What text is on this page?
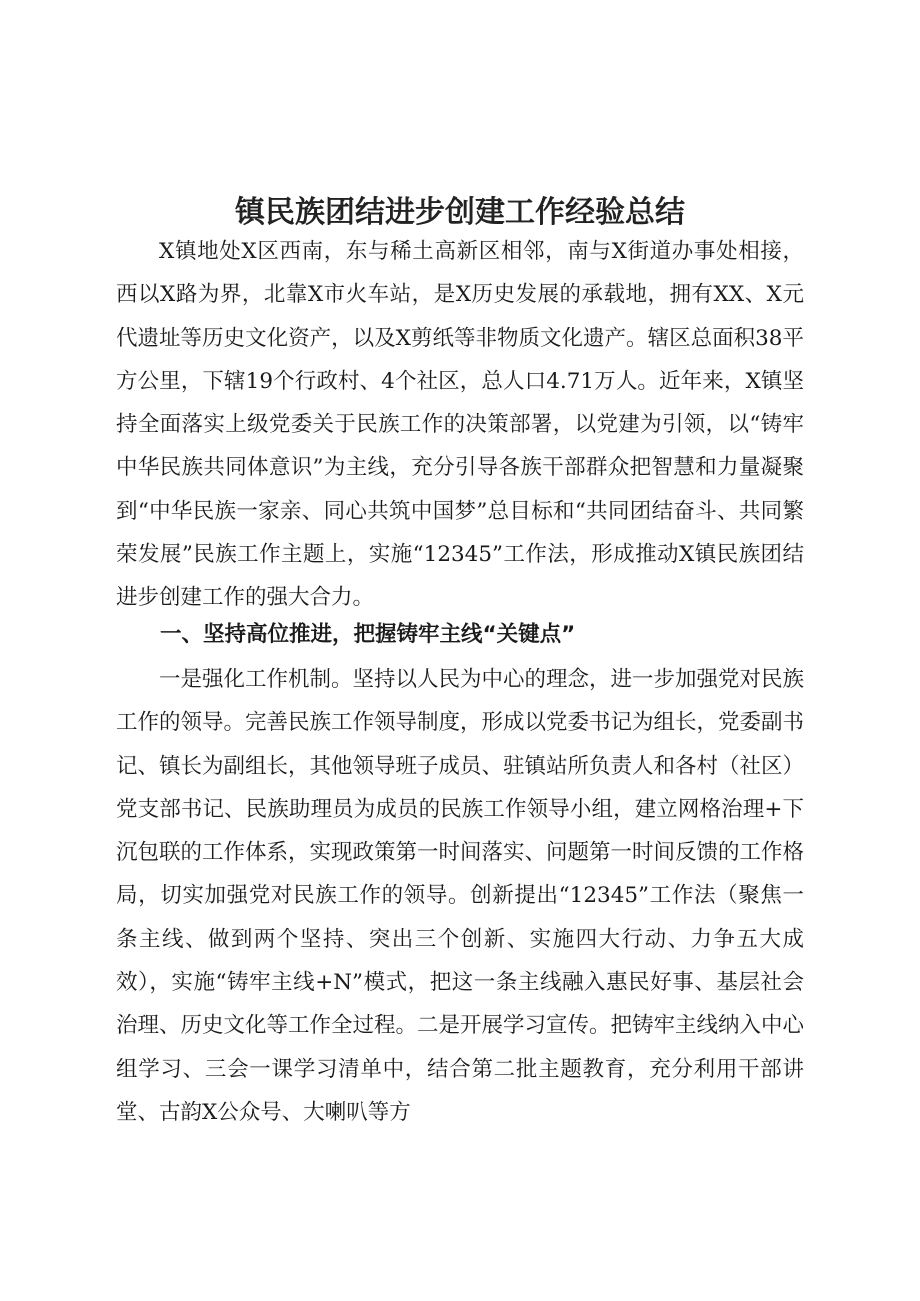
镇民族团结进步创建工作经验总结

X镇地处X区西南，东与稀土高新区相邻，南与X街道办事处相接，西以X路为界，北靠X市火车站，是X历史发展的承载地，拥有XX、X元代遗址等历史文化资产，以及X剪纸等非物质文化遗产。辖区总面积38平方公里，下辖19个行政村、4个社区，总人口4.71万人。近年来，X镇坚持全面落实上级党委关于民族工作的决策部署，以党建为引领，以“铸牢中华民族共同体意识”为主线，充分引导各族干部群众把智慧和力量凝聚到“中华民族一家亲、同心共筑中国梦”总目标和“共同团结奋斗、共同繁荣发展”民族工作主题上，实施“12345”工作法，形成推动X镇民族团结进步创建工作的强大合力。

一、坚持高位推进，把握铸牢主线“关键点”

一是强化工作机制。坚持以人民为中心的理念，进一步加强党对民族工作的领导。完善民族工作领导制度，形成以党委书记为组长，党委副书记、镇长为副组长，其他领导班子成员、驻镇站所负责人和各村（社区）党支部书记、民族助理员为成员的民族工作领导小组，建立网格治理+下沉包联的工作体系，实现政策第一时间落实、问题第一时间反馈的工作格局，切实加强党对民族工作的领导。创新提出“12345”工作法（聚焦一条主线、做到两个坚持、突出三个创新、实施四大行动、力争五大成效），实施“铸牢主线+N”模式，把这一条主线融入惠民好事、基层社会治理、历史文化等工作全过程。二是开展学习宣传。把铸牢主线纳入中心组学习、三会一课学习清单中，结合第二批主题教育，充分利用干部讲堂、古韵X公众号、大喇叭等方
